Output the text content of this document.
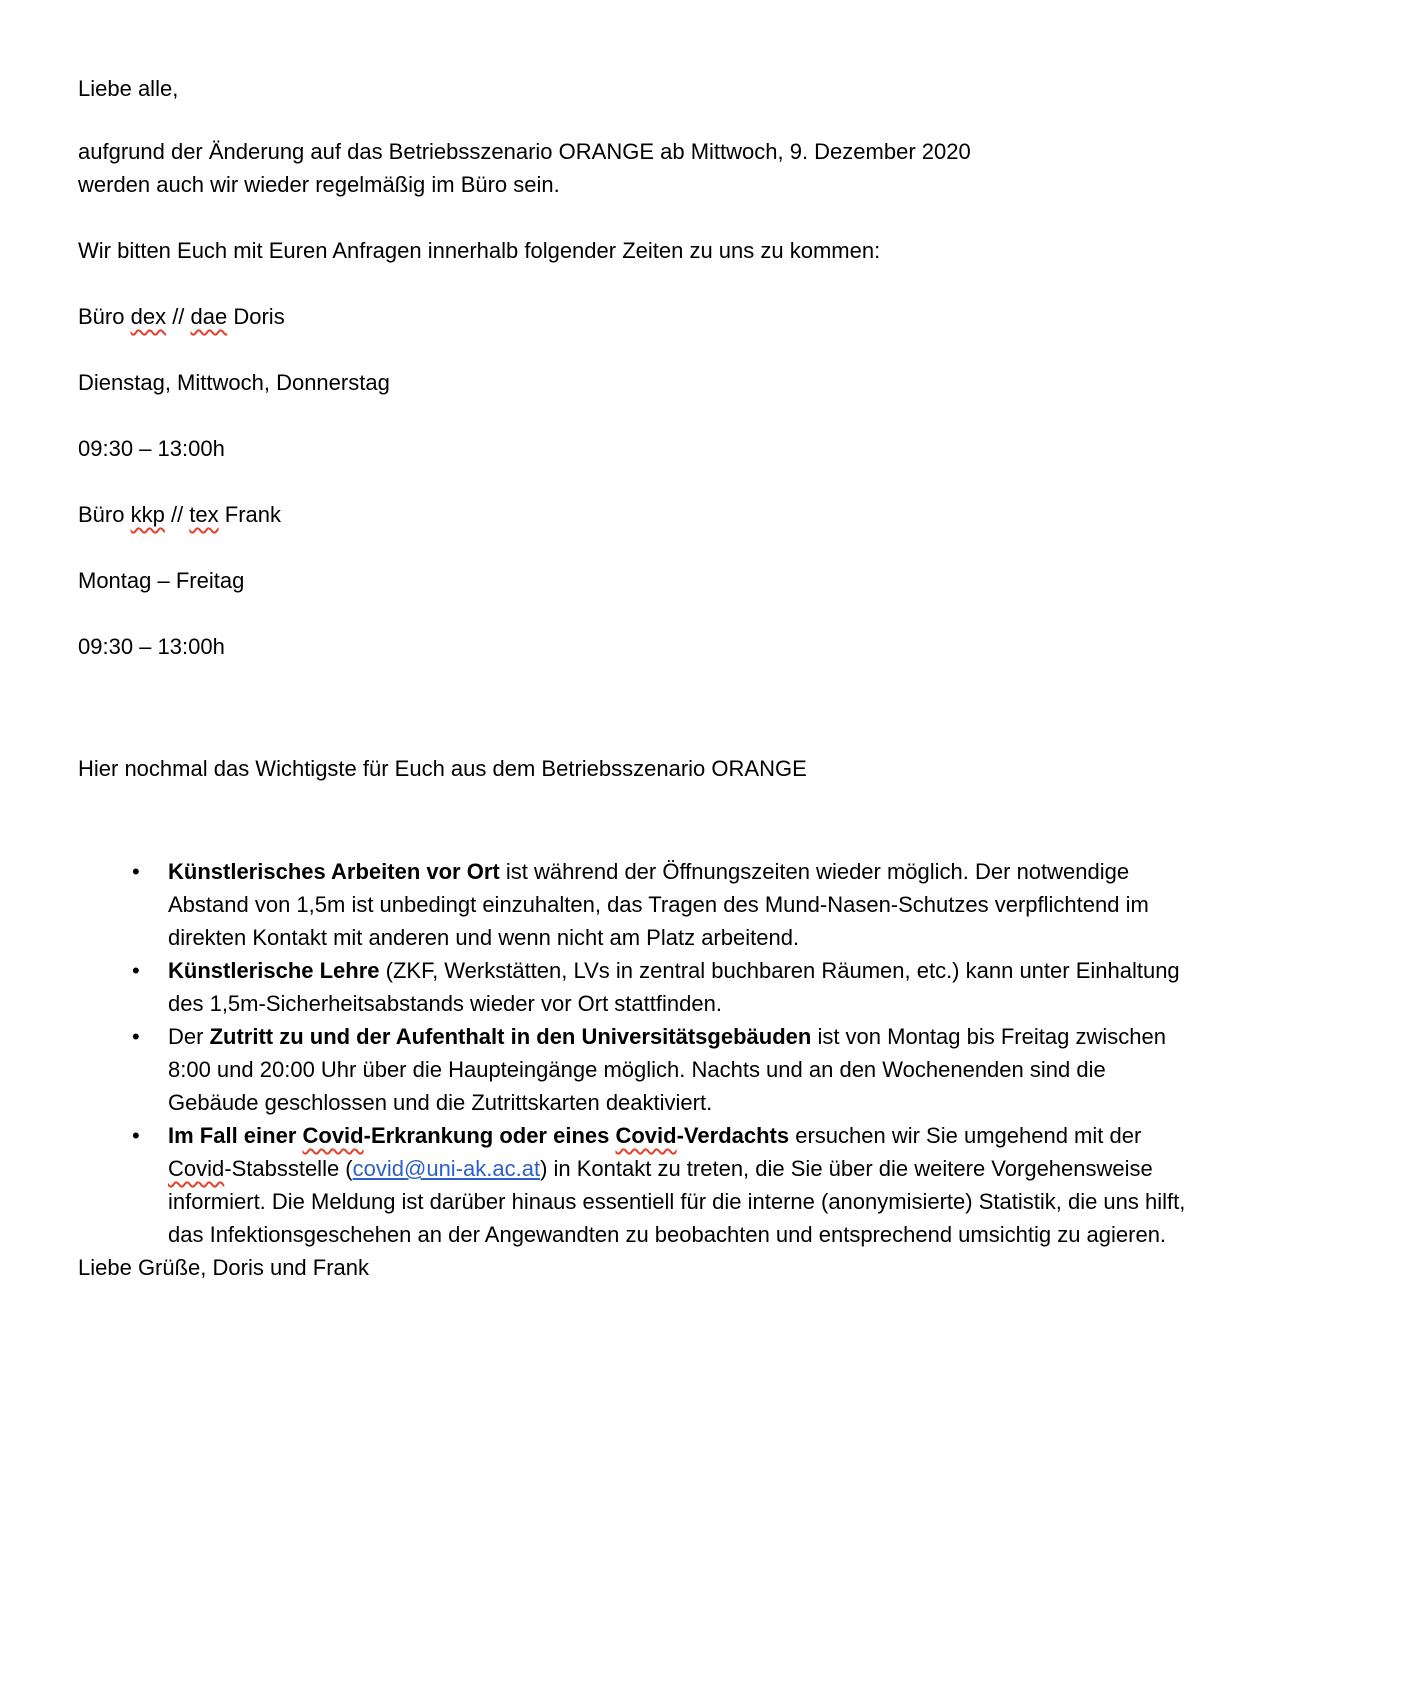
Liebe alle,

aufgrund der Änderung auf das Betriebsszenario ORANGE ab Mittwoch, 9. Dezember 2020
werden auch wir wieder regelmäßig im Büro sein.

Wir bitten Euch mit Euren Anfragen innerhalb folgender Zeiten zu uns zu kommen:

Büro dex // dae Doris

Dienstag, Mittwoch, Donnerstag

09:30 – 13:00h

Büro kkp // tex Frank

Montag – Freitag

09:30 – 13:00h

Hier nochmal das Wichtigste für Euch aus dem Betriebsszenario ORANGE

• Künstlerisches Arbeiten vor Ort ist während der Öffnungszeiten wieder möglich. Der notwendige
Abstand von 1,5m ist unbedingt einzuhalten, das Tragen des Mund-Nasen-Schutzes verpflichtend im
direkten Kontakt mit anderen und wenn nicht am Platz arbeitend.
• Künstlerische Lehre (ZKF, Werkstätten, LVs in zentral buchbaren Räumen, etc.) kann unter Einhaltung
des 1,5m-Sicherheitsabstands wieder vor Ort stattfinden.
• Der Zutritt zu und der Aufenthalt in den Universitätsgebäuden ist von Montag bis Freitag zwischen
8:00 und 20:00 Uhr über die Haupteingänge möglich. Nachts und an den Wochenenden sind die
Gebäude geschlossen und die Zutrittskarten deaktiviert.
• Im Fall einer Covid-Erkrankung oder eines Covid-Verdachts ersuchen wir Sie umgehend mit der
Covid-Stabsstelle (covid@uni-ak.ac.at) in Kontakt zu treten, die Sie über die weitere Vorgehensweise
informiert. Die Meldung ist darüber hinaus essentiell für die interne (anonymisierte) Statistik, die uns hilft,
das Infektionsgeschehen an der Angewandten zu beobachten und entsprechend umsichtig zu agieren.

Liebe Grüße, Doris und Frank
